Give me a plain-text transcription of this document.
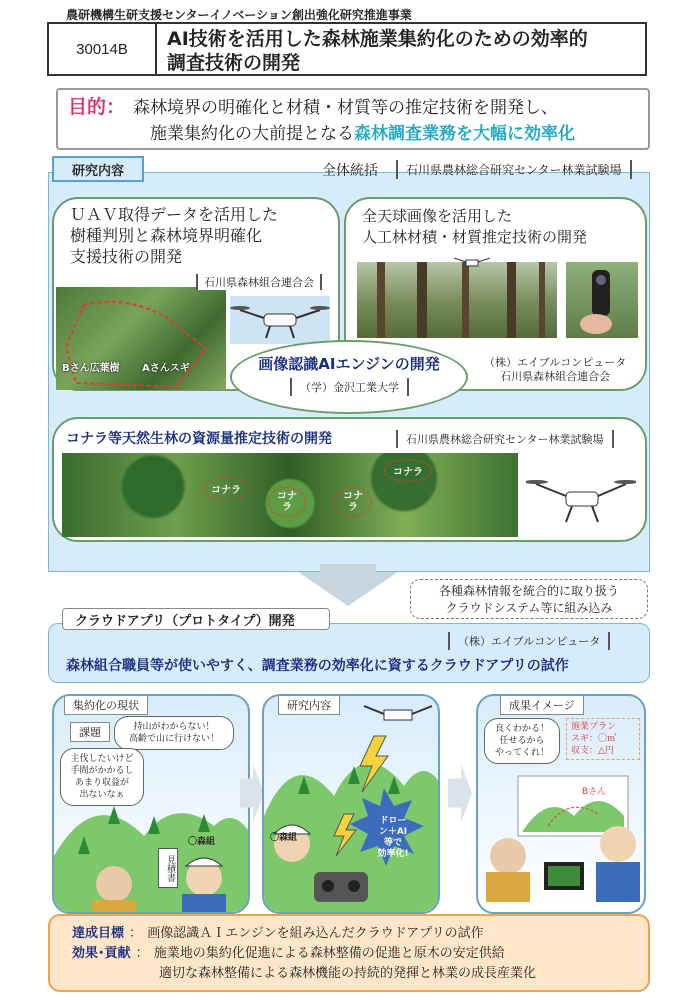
農研機構生研支援センターイノベーション創出強化研究推進事業
30014B	AI技術を活用した森林施業集約化のための効率的
調査技術の開発
目的： 森林境界の明確化と材積・材質等の推定技術を開発し、
施業集約化の大前提となる森林調査業務を大幅に効率化
研究内容	全体統括	石川県農林総合研究センター林業試験場
ＵＡＶ取得データを活用した
樹種判別と森林境界明確化
支援技術の開発
Bさん広葉樹 Aさんスギ
石川県森林組合連合会
全天球画像を活用した
人工林材積・材質推定技術の開発
（株）エイブルコンピュータ
石川県森林組合連合会
画像認識AIエンジンの開発
（学）金沢工業大学
コナラ等天然生林の資源量推定技術の開発	石川県農林総合研究センター林業試験場
コナラ
コナ
ラ
コナ
ラ
コナラ
各種森林情報を統合的に取り扱う
クラウドシステム等に組み込み
クラウドアプリ（プロトタイプ）開発
（株）エイブルコンピュータ
森林組合職員等が使いやすく、調査業務の効率化に資するクラウドアプリの試作
集約化の現状
課題	持山がわからない！
高齢で山に行けない！
主伐したいけど
手間がかかるし
あまり収益が
出ないなぁ
見積書
〇森組
研究内容
〇森組
ドロー
ン＋AI
等で
効率化!
成果イメージ
良くわかる！
任せるから
やってくれ！
施業プラン
スギ：〇㎥
収支：△円
Bさん
達成目標 ： 画像認識ＡＩエンジンを組み込んだクラウドアプリの試作
効果･貢献 ： 施業地の集約化促進による森林整備の促進と原木の安定供給
適切な森林整備による森林機能の持続的発揮と林業の成長産業化
